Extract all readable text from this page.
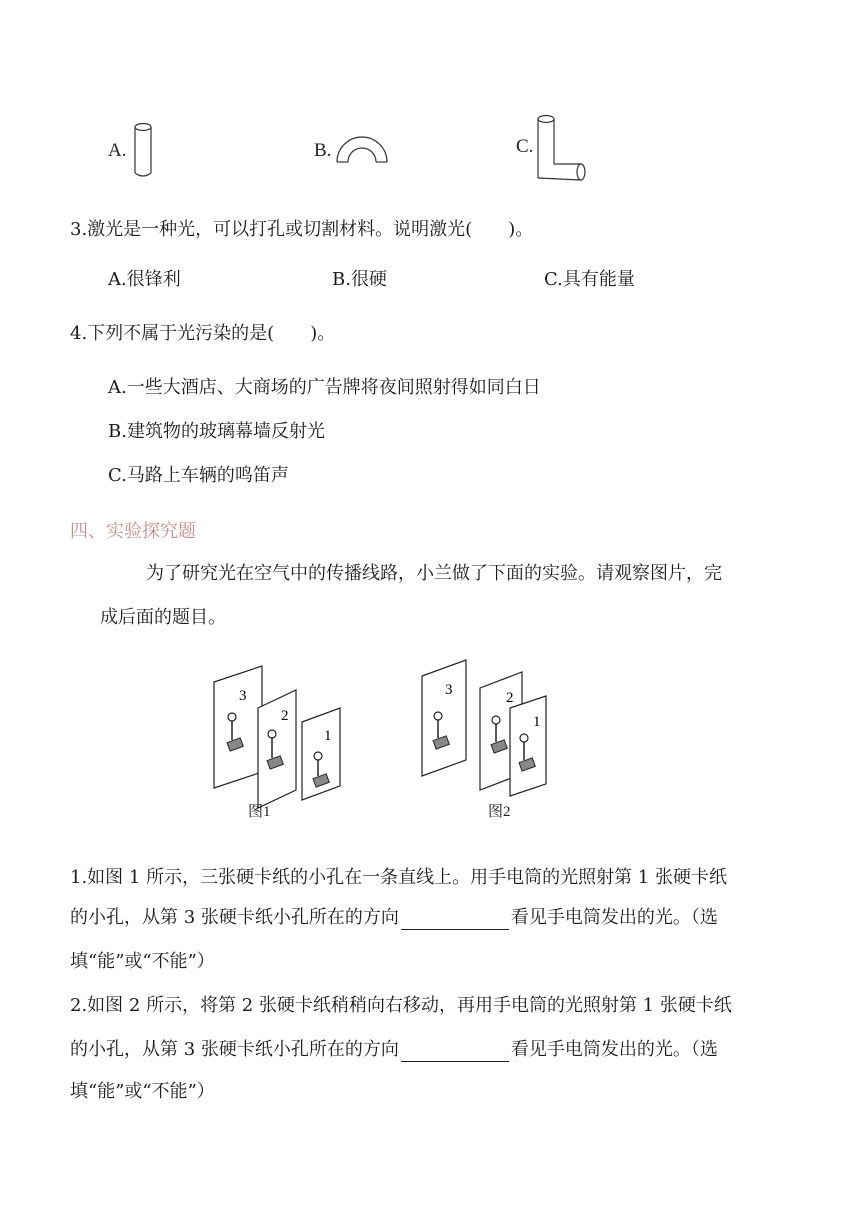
A.	B.	C.
3.激光是一种光，可以打孔或切割材料。说明激光(　　)。
A.很锋利	B.很硬	C.具有能量
4.下列不属于光污染的是(　　)。
A.一些大酒店、大商场的广告牌将夜间照射得如同白日
B.建筑物的玻璃幕墙反射光
C.马路上车辆的鸣笛声
四、实验探究题
为了研究光在空气中的传播线路，小兰做了下面的实验。请观察图片，完
成后面的题目。
3
2
1
图1
3	2
1
图2
1.如图 1 所示，三张硬卡纸的小孔在一条直线上。用手电筒的光照射第 1 张硬卡纸
的小孔，从第 3 张硬卡纸小孔所在的方向	看见手电筒发出的光。（选
填“能”或“不能”）
2.如图 2 所示，将第 2 张硬卡纸稍稍向右移动，再用手电筒的光照射第 1 张硬卡纸
的小孔，从第 3 张硬卡纸小孔所在的方向	看见手电筒发出的光。（选
填“能”或“不能”）
